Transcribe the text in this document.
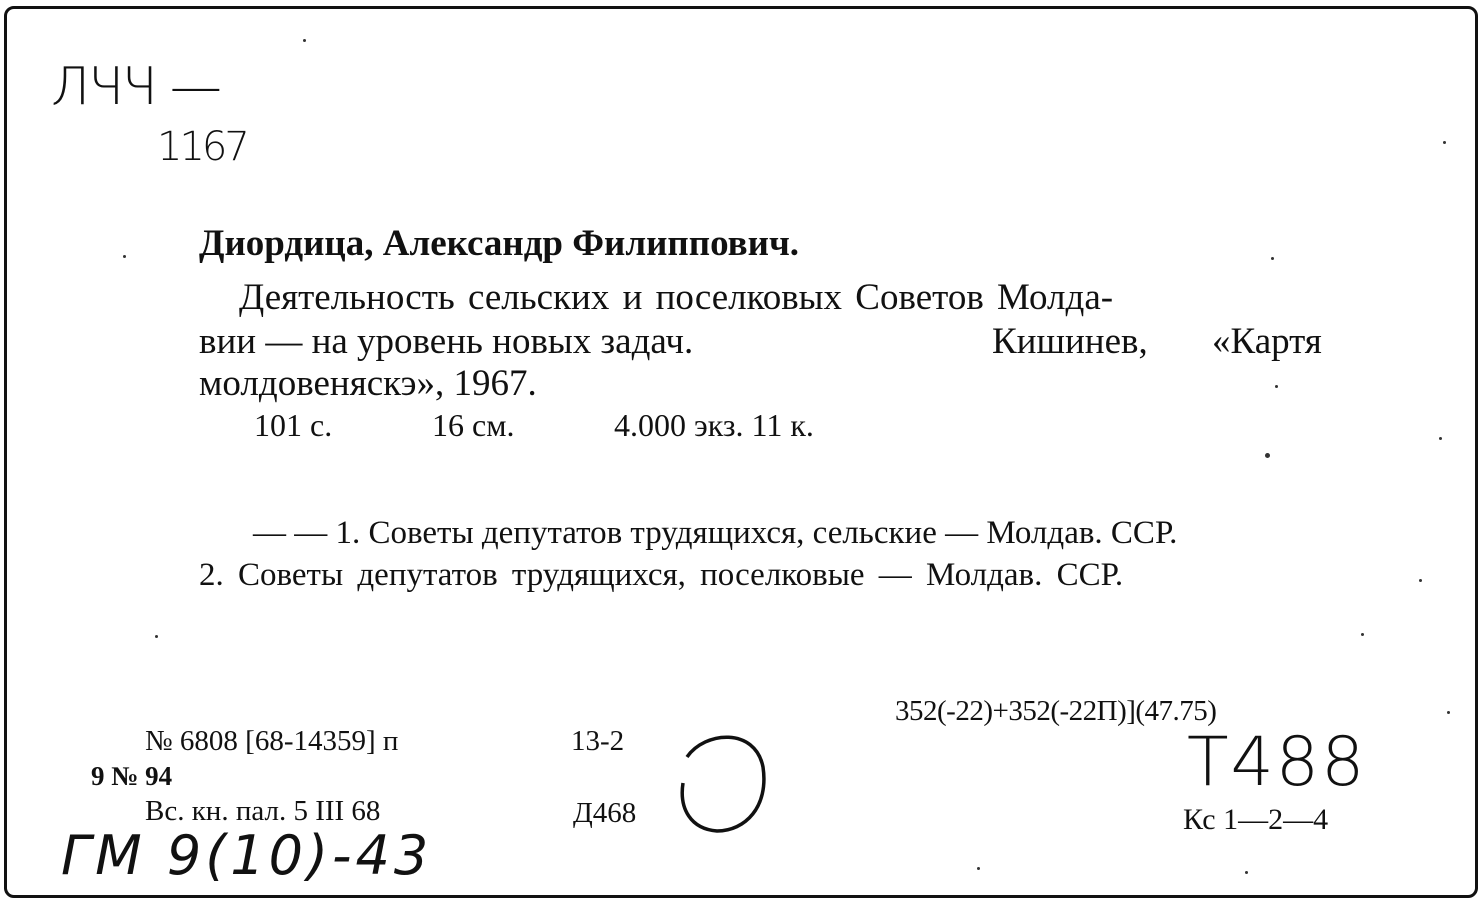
ЛЧЧ —
1167
Диордица, Александр Филиппович.
Деятельность сельских и поселковых Советов Молда-
вии — на уровень новых задач.	Кишинев, «Картя
молдовеняскэ», 1967.
101 с.	16 см.	4.000 экз. 11 к.
— — 1. Советы депутатов трудящихся, сельские — Молдав. ССР.
2. Советы депутатов трудящихся, поселковые — Молдав. ССР.
352(-22)+352(-22П)](47.75)
№ 6808 [68-14359] п	13-2
9 № 94
Вс. кн. пал. 5 III 68	Д468
Т488
Кс 1—2—4
ГМ 9(10)-43
